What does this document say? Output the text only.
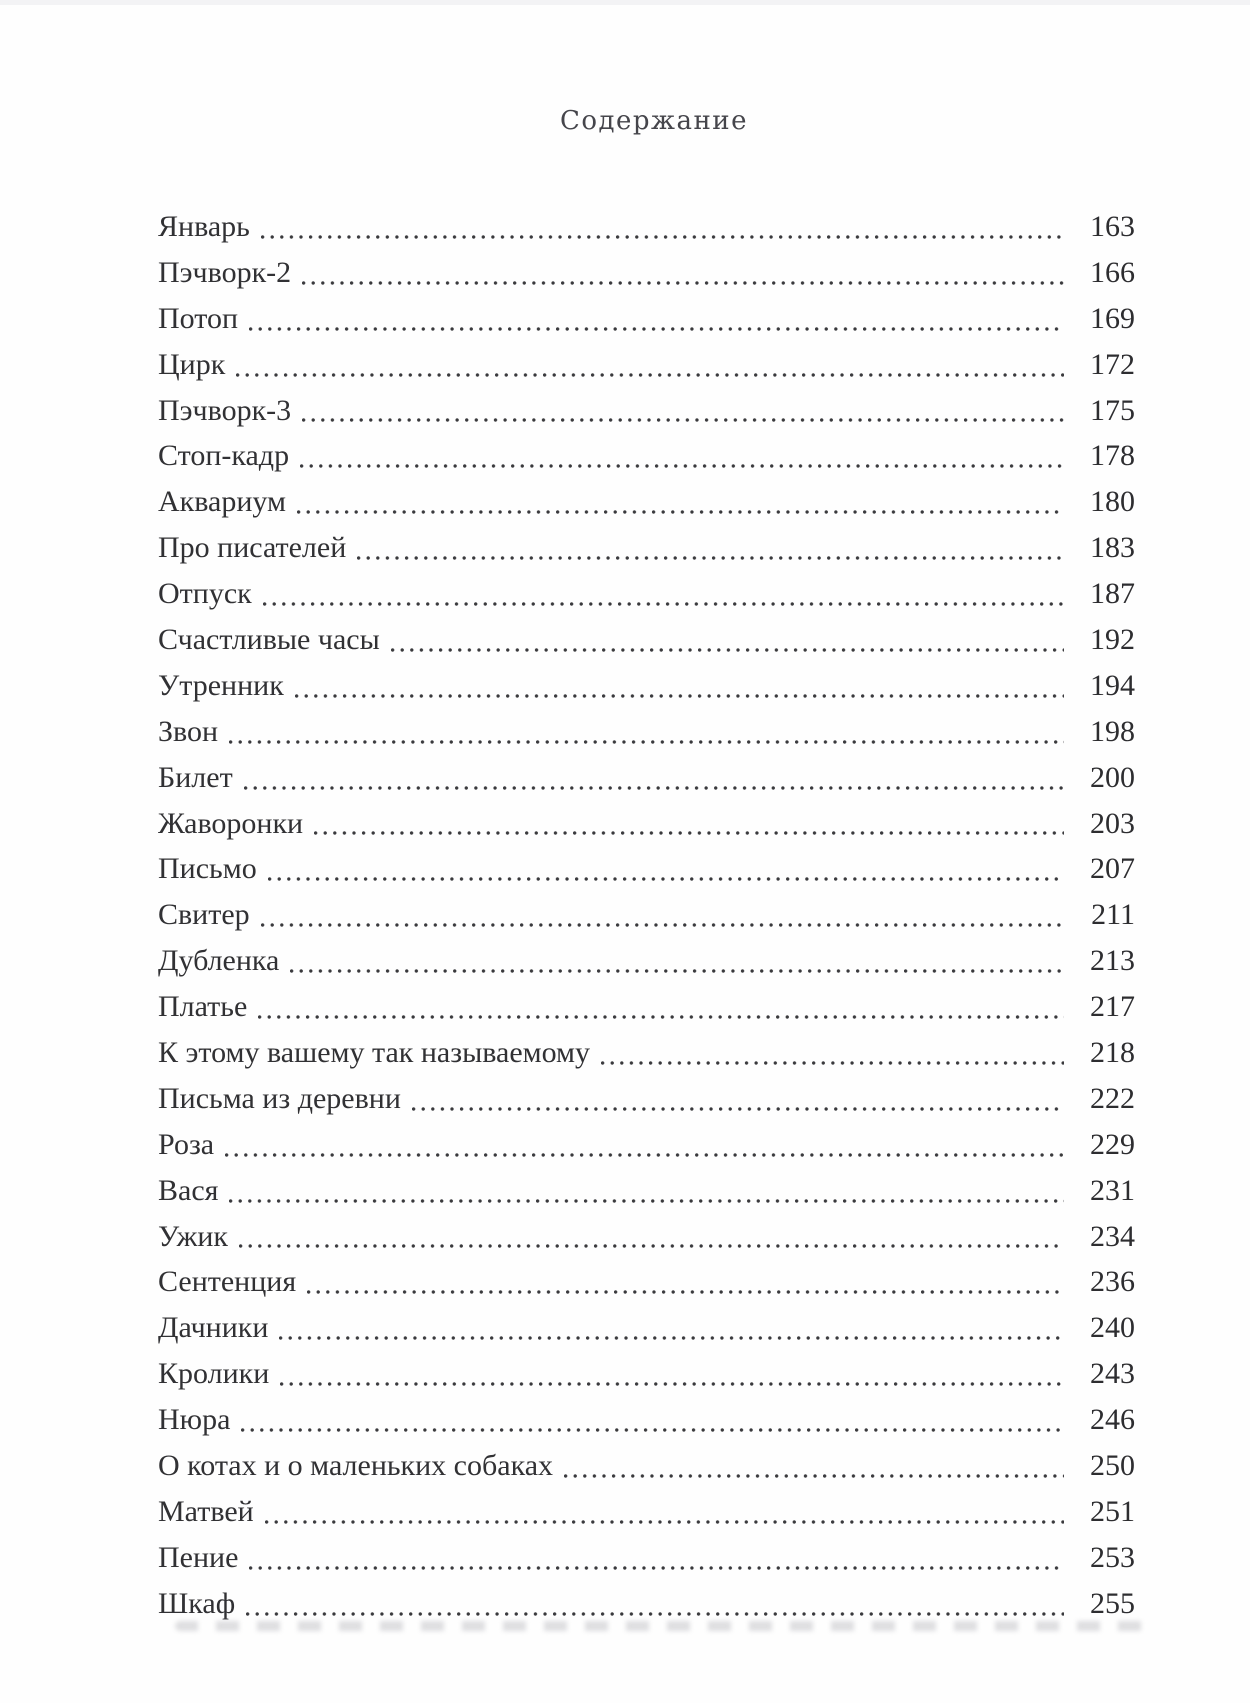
Содержание
Январь	163
Пэчворк-2	166
Потоп	169
Цирк	172
Пэчворк-3	175
Стоп-кадр	178
Аквариум	180
Про писателей	183
Отпуск	187
Счастливые часы	192
Утренник	194
Звон	198
Билет	200
Жаворонки	203
Письмо	207
Свитер	211
Дубленка	213
Платье	217
К этому вашему так называемому	218
Письма из деревни	222
Роза	229
Вася	231
Ужик	234
Сентенция	236
Дачники	240
Кролики	243
Нюра	246
О котах и о маленьких собаках	250
Матвей	251
Пение	253
Шкаф	255
